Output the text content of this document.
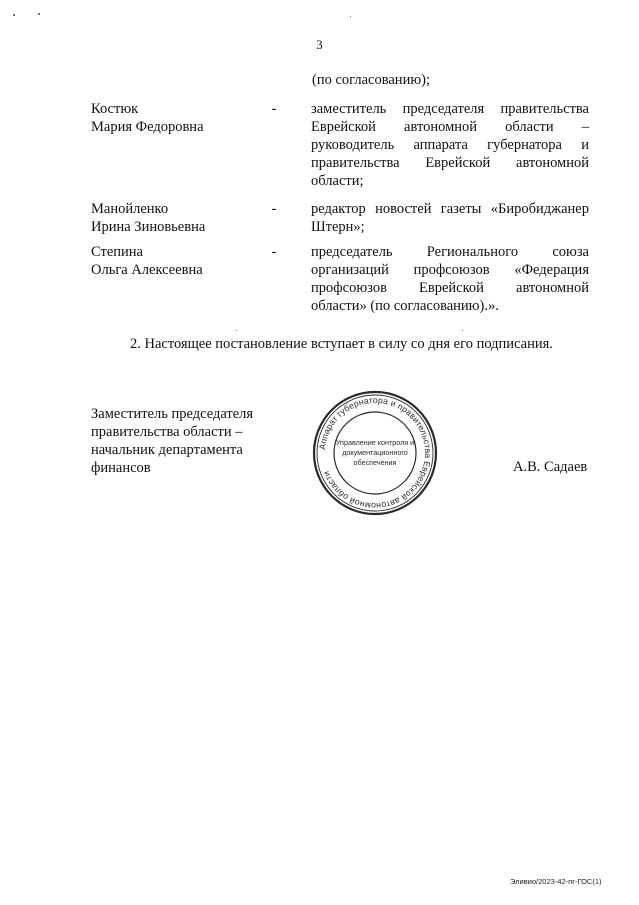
3
(по согласованию);
Костюк
Мария Федоровна
- заместитель председателя правительства
Еврейской автономной области –
руководитель аппарата губернатора и
правительства Еврейской автономной
области;
Манойленко
Ирина Зиновьевна
- редактор новостей газеты «Биробиджанер
Штерн»;
Степина
Ольга Алексеевна
- председатель Регионального союза
организаций профсоюзов «Федерация
профсоюзов Еврейской автономной
области» (по согласованию).».
2. Настоящее постановление вступает в силу со дня его подписания.
Заместитель председателя
правительства области –
начальник департамента
финансов
Аппарат губернатора и правительства Еврейской автономной области
Управление контроля и
документационного
обеспечения	А.В. Садаев
Эливио/2023-42-пг-ГОС(1)
